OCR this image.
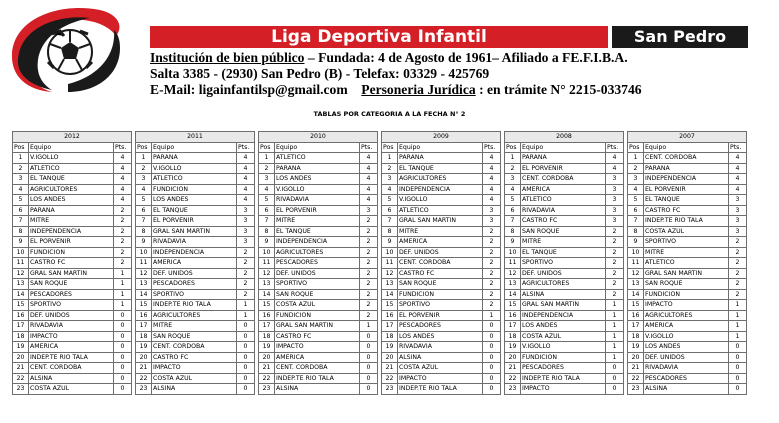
Liga Deportiva Infantil	San Pedro
Institución de bien público – Fundada: 4 de Agosto de 1961– Afiliado a FE.F.I.B.A.
Salta 3385 - (2930) San Pedro (B) - Telefax: 03329 - 425769
E-Mail: ligainfantilsp@gmail.com Personeria Jurídica : en trámite N° 2215-033746
TABLAS POR CATEGORIA A LA FECHA N° 2
2012		
Pos	Equipo	Pts.
1	V.IGOLLO	4
2	ATLETICO	4
3	EL TANQUE	4
4	AGRICULTORES	4
5	LOS ANDES	4
6	PARANA	2
7	MITRE	2
8	INDEPENDENCIA	2
9	EL PORVENIR	2
10	FUNDICION	2
11	CASTRO FC	2
12	GRAL SAN MARTIN	1
13	SAN ROQUE	1
14	PESCADORES	1
15	SPORTIVO	1
16	DEF. UNIDOS	0
17	RIVADAVIA	0
18	IMPACTO	0
19	AMERICA	0
20	INDEP.TE RIO TALA	0
21	CENT. CORDOBA	0
22	ALSINA	0
23	COSTA AZUL	0
2011		
Pos	Equipo	Pts.
1	PARANA	4
2	V.IGOLLO	4
3	ATLETICO	4
4	FUNDICION	4
5	LOS ANDES	4
6	EL TANQUE	3
7	EL PORVENIR	3
8	GRAL SAN MARTIN	3
9	RIVADAVIA	3
10	INDEPENDENCIA	2
11	AMERICA	2
12	DEF. UNIDOS	2
13	PESCADORES	2
14	SPORTIVO	2
15	INDEP.TE RIO TALA	1
16	AGRICULTORES	1
17	MITRE	0
18	SAN ROQUE	0
19	CENT. CORDOBA	0
20	CASTRO FC	0
21	IMPACTO	0
22	COSTA AZUL	0
23	ALSINA	0
2010		
Pos	Equipo	Pts.
1	ATLETICO	4
2	PARANA	4
3	LOS ANDES	4
4	V.IGOLLO	4
5	RIVADAVIA	4
6	EL PORVENIR	3
7	MITRE	2
8	EL TANQUE	2
9	INDEPENDENCIA	2
10	AGRICULTORES	2
11	PESCADORES	2
12	DEF. UNIDOS	2
13	SPORTIVO	2
14	SAN ROQUE	2
15	COSTA AZUL	2
16	FUNDICION	2
17	GRAL SAN MARTIN	1
18	CASTRO FC	0
19	IMPACTO	0
20	AMERICA	0
21	CENT. CORDOBA	0
22	INDEP.TE RIO TALA	0
23	ALSINA	0
2009		
Pos	Equipo	Pts.
1	PARANA	4
2	EL TANQUE	4
3	AGRICULTORES	4
4	INDEPENDENCIA	4
5	V.IGOLLO	4
6	ATLETICO	3
7	GRAL SAN MARTIN	3
8	MITRE	2
9	AMERICA	2
10	DEF. UNIDOS	2
11	CENT. CORDOBA	2
12	CASTRO FC	2
13	SAN ROQUE	2
14	FUNDICION	2
15	SPORTIVO	2
16	EL PORVENIR	1
17	PESCADORES	0
18	LOS ANDES	0
19	RIVADAVIA	0
20	ALSINA	0
21	COSTA AZUL	0
22	IMPACTO	0
23	INDEP.TE RIO TALA	0
2008		
Pos	Equipo	Pts.
1	PARANA	4
2	EL PORVENIR	4
3	CENT. CORDOBA	3
4	AMERICA	3
5	ATLETICO	3
6	RIVADAVIA	3
7	CASTRO FC	3
8	SAN ROQUE	2
9	MITRE	2
10	EL TANQUE	2
11	SPORTIVO	2
12	DEF. UNIDOS	2
13	AGRICULTORES	2
14	ALSINA	2
15	GRAL SAN MARTIN	1
16	INDEPENDENCIA	1
17	LOS ANDES	1
18	COSTA AZUL	1
19	V.IGOLLO	1
20	FUNDICION	1
21	PESCADORES	0
22	INDEP.TE RIO TALA	0
23	IMPACTO	0
2007		
Pos	Equipo	Pts.
1	CENT. CORDOBA	4
2	PARANA	4
3	INDEPENDENCIA	4
4	EL PORVENIR	4
5	EL TANQUE	3
6	CASTRO FC	3
7	INDEP.TE RIO TALA	3
8	COSTA AZUL	3
9	SPORTIVO	2
10	MITRE	2
11	ATLETICO	2
12	GRAL SAN MARTIN	2
13	SAN ROQUE	2
14	FUNDICION	2
15	IMPACTO	1
16	AGRICULTORES	1
17	AMERICA	1
18	V.IGOLLO	1
19	LOS ANDES	0
20	DEF. UNIDOS	0
21	RIVADAVIA	0
22	PESCADORES	0
23	ALSINA	0
